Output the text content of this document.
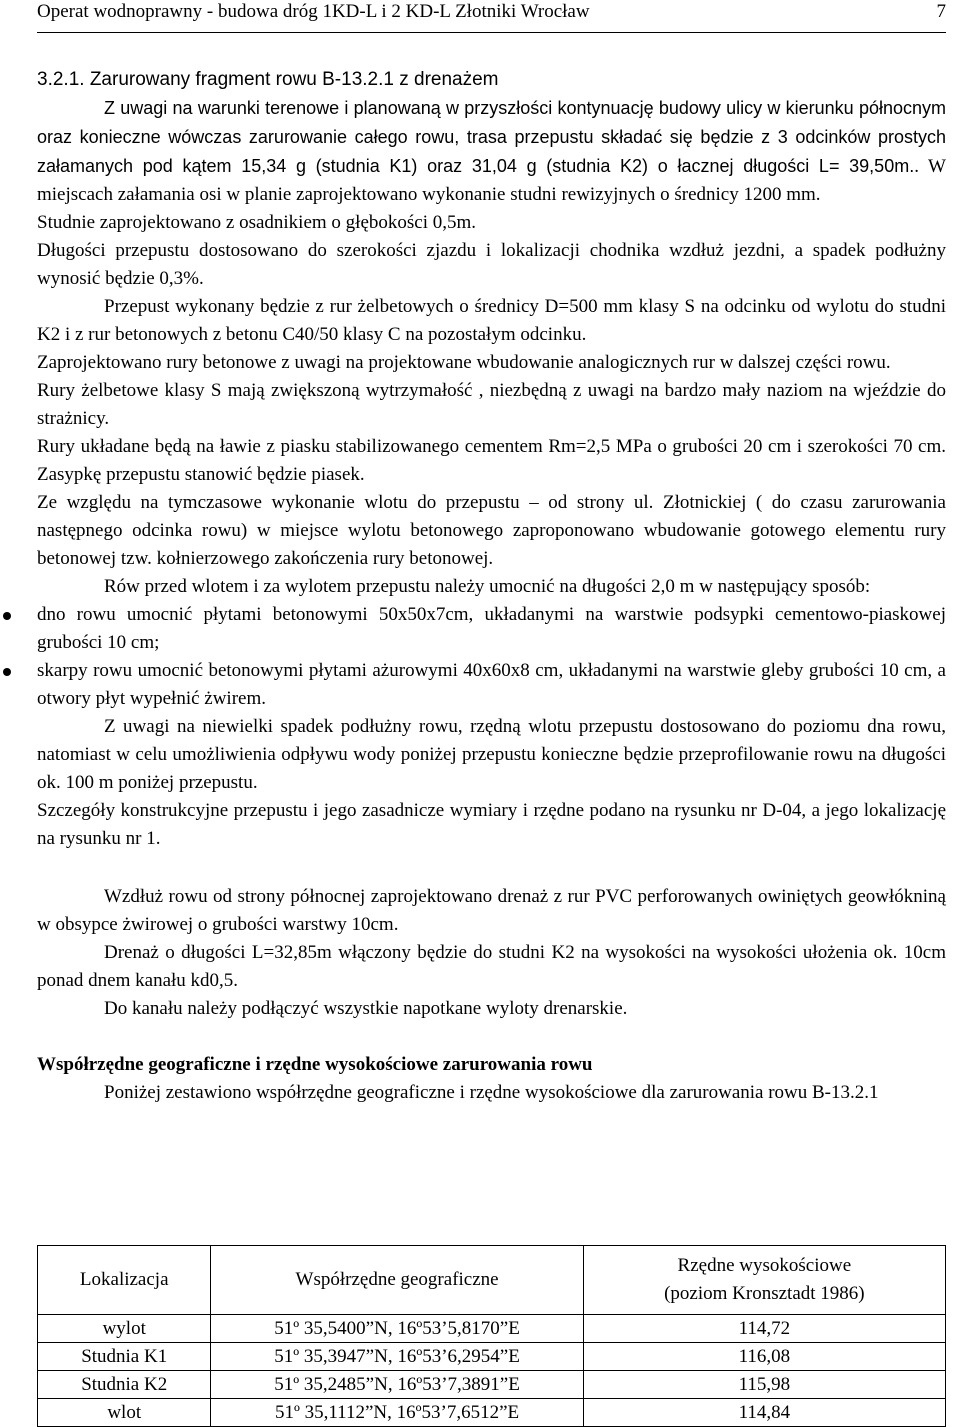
Operat wodnoprawny - budowa dróg 1KD-L i 2 KD-L Złotniki Wrocław	7

3.2.1. Zarurowany fragment rowu B-13.2.1 z drenażem

Z uwagi na warunki terenowe i planowaną w przyszłości kontynuację budowy ulicy w kierunku północnym oraz konieczne wówczas zarurowanie całego rowu, trasa przepustu składać się będzie z 3 odcinków prostych załamanych pod kątem 15,34 g (studnia K1) oraz 31,04 g (studnia K2) o łacznej długości L= 39,50m.. W miejscach załamania osi w planie zaprojektowano wykonanie studni rewizyjnych o średnicy 1200 mm.

Studnie zaprojektowano z osadnikiem o głębokości 0,5m.

Długości przepustu dostosowano do szerokości zjazdu i lokalizacji chodnika wzdłuż jezdni, a spadek podłużny wynosić będzie 0,3%.

Przepust wykonany będzie z rur żelbetowych o średnicy D=500 mm klasy S na odcinku od wylotu do studni K2 i z rur betonowych z betonu C40/50 klasy C na pozostałym odcinku.

Zaprojektowano rury betonowe z uwagi na projektowane wbudowanie analogicznych rur w dalszej części rowu.

Rury żelbetowe klasy S mają zwiększoną wytrzymałość , niezbędną z uwagi na bardzo mały naziom na wjeździe do strażnicy.

Rury układane będą na ławie z piasku stabilizowanego cementem Rm=2,5 MPa o grubości 20 cm i szerokości 70 cm. Zasypkę przepustu stanowić będzie piasek.

Ze względu na tymczasowe wykonanie wlotu do przepustu – od strony ul. Złotnickiej ( do czasu zarurowania następnego odcinka rowu) w miejsce wylotu betonowego zaproponowano wbudowanie gotowego elementu rury betonowej tzw. kołnierzowego zakończenia rury betonowej.

Rów przed wlotem i za wylotem przepustu należy umocnić na długości 2,0 m w następujący sposób:

dno rowu umocnić płytami betonowymi 50x50x7cm, układanymi na warstwie podsypki cementowo-piaskowej grubości 10 cm;
skarpy rowu umocnić betonowymi płytami ażurowymi 40x60x8 cm, układanymi na warstwie gleby grubości 10 cm, a otwory płyt wypełnić żwirem.

Z uwagi na niewielki spadek podłużny rowu, rzędną wlotu przepustu dostosowano do poziomu dna rowu, natomiast w celu umożliwienia odpływu wody poniżej przepustu konieczne będzie przeprofilowanie rowu na długości ok. 100 m poniżej przepustu.

Szczegóły konstrukcyjne przepustu i jego zasadnicze wymiary i rzędne podano na rysunku nr D-04, a jego lokalizację na rysunku nr 1.

Wzdłuż rowu od strony północnej zaprojektowano drenaż z rur PVC perforowanych owiniętych geowłókniną w obsypce żwirowej o grubości warstwy 10cm.

Drenaż o długości L=32,85m włączony będzie do studni K2 na wysokości na wysokości ułożenia ok. 10cm ponad dnem kanału kd0,5.

Do kanału należy podłączyć wszystkie napotkane wyloty drenarskie.

Współrzędne geograficzne i rzędne wysokościowe zarurowania rowu

Poniżej zestawiono współrzędne geograficzne i rzędne wysokościowe dla zarurowania rowu B-13.2.1

Lokalizacja	Współrzędne geograficzne	Rzędne wysokościowe
(poziom Kronsztadt 1986)
wylot	51º 35,5400”N, 16º53’5,8170”E	114,72
Studnia K1	51º 35,3947”N, 16º53’6,2954”E	116,08
Studnia K2	51º 35,2485”N, 16º53’7,3891”E	115,98
wlot	51º 35,1112”N, 16º53’7,6512”E	114,84
